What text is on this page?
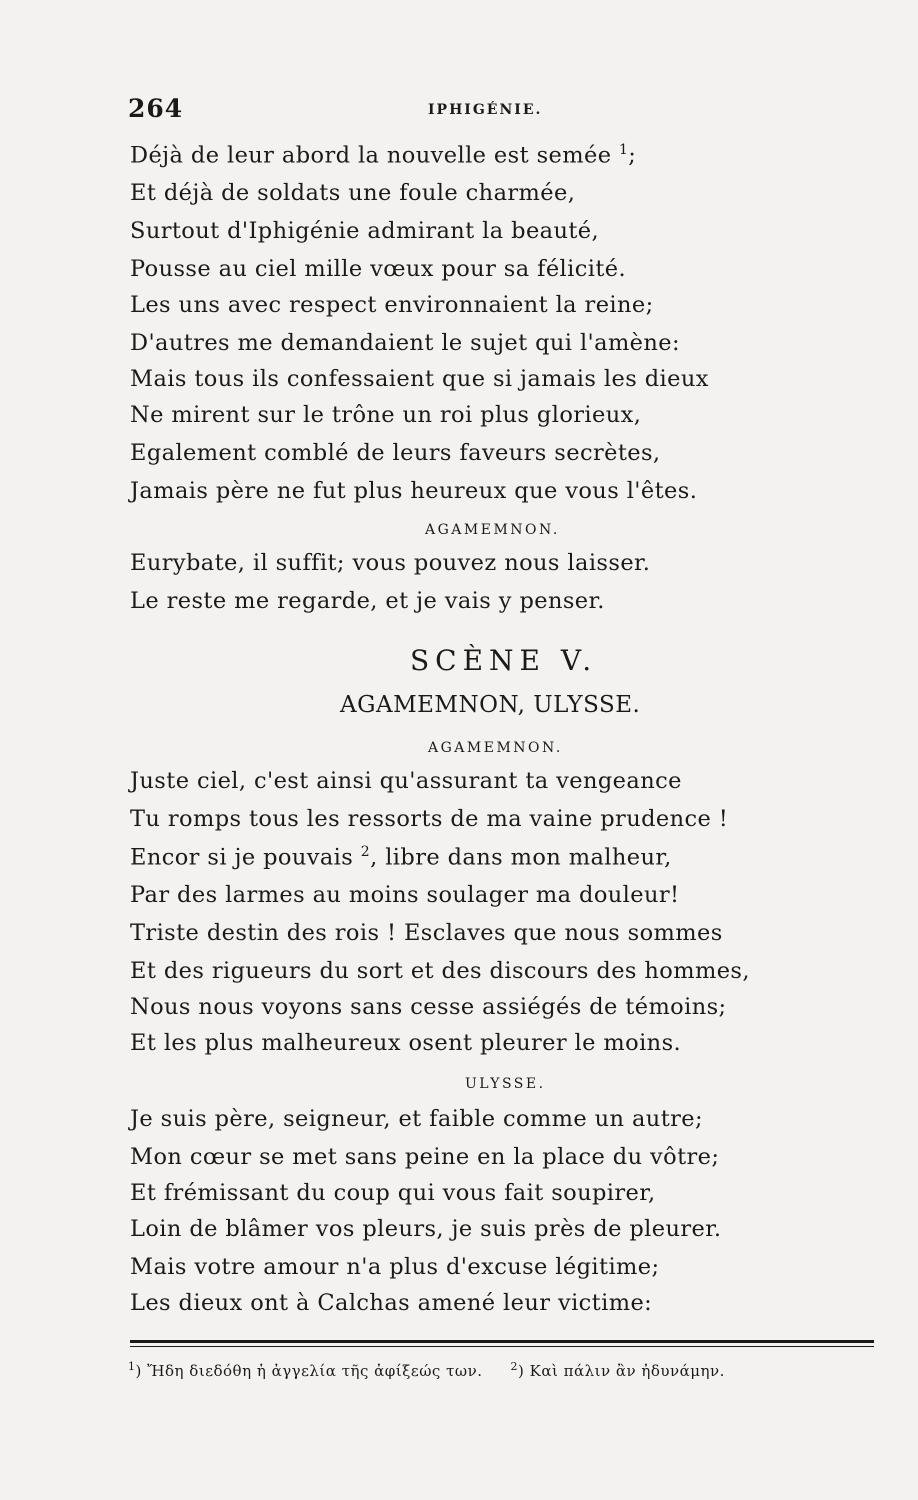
264	IPHIGÉNIE.
Déjà de leur abord la nouvelle est semée $^1$;
Et déjà de soldats une foule charmée,
Surtout d'Iphigénie admirant la beauté,
Pousse au ciel mille vœux pour sa félicité.
Les uns avec respect environnaient la reine;
D'autres me demandaient le sujet qui l'amène:
Mais tous ils confessaient que si jamais les dieux
Ne mirent sur le trône un roi plus glorieux,
Egalement comblé de leurs faveurs secrètes,
Jamais père ne fut plus heureux que vous l'êtes.
AGAMEMNON.
Eurybate, il suffit; vous pouvez nous laisser.
Le reste me regarde, et je vais y penser.
SCÈNE V.
AGAMEMNON, ULYSSE.
AGAMEMNON.
Juste ciel, c'est ainsi qu'assurant ta vengeance
Tu romps tous les ressorts de ma vaine prudence !
Encor si je pouvais $^2$, libre dans mon malheur,
Par des larmes au moins soulager ma douleur!
Triste destin des rois ! Esclaves que nous sommes
Et des rigueurs du sort et des discours des hommes,
Nous nous voyons sans cesse assiégés de témoins;
Et les plus malheureux osent pleurer le moins.
ULYSSE.
Je suis père, seigneur, et faible comme un autre;
Mon cœur se met sans peine en la place du vôtre;
Et frémissant du coup qui vous fait soupirer,
Loin de blâmer vos pleurs, je suis près de pleurer.
Mais votre amour n'a plus d'excuse légitime;
Les dieux ont à Calchas amené leur victime:
$^1$) Ἤδη διεδόθη ἡ ἀγγελία τῆς ἀφίξεώς των.	$^2$) Καὶ πάλιν ἂν ἠδυνάμην.
